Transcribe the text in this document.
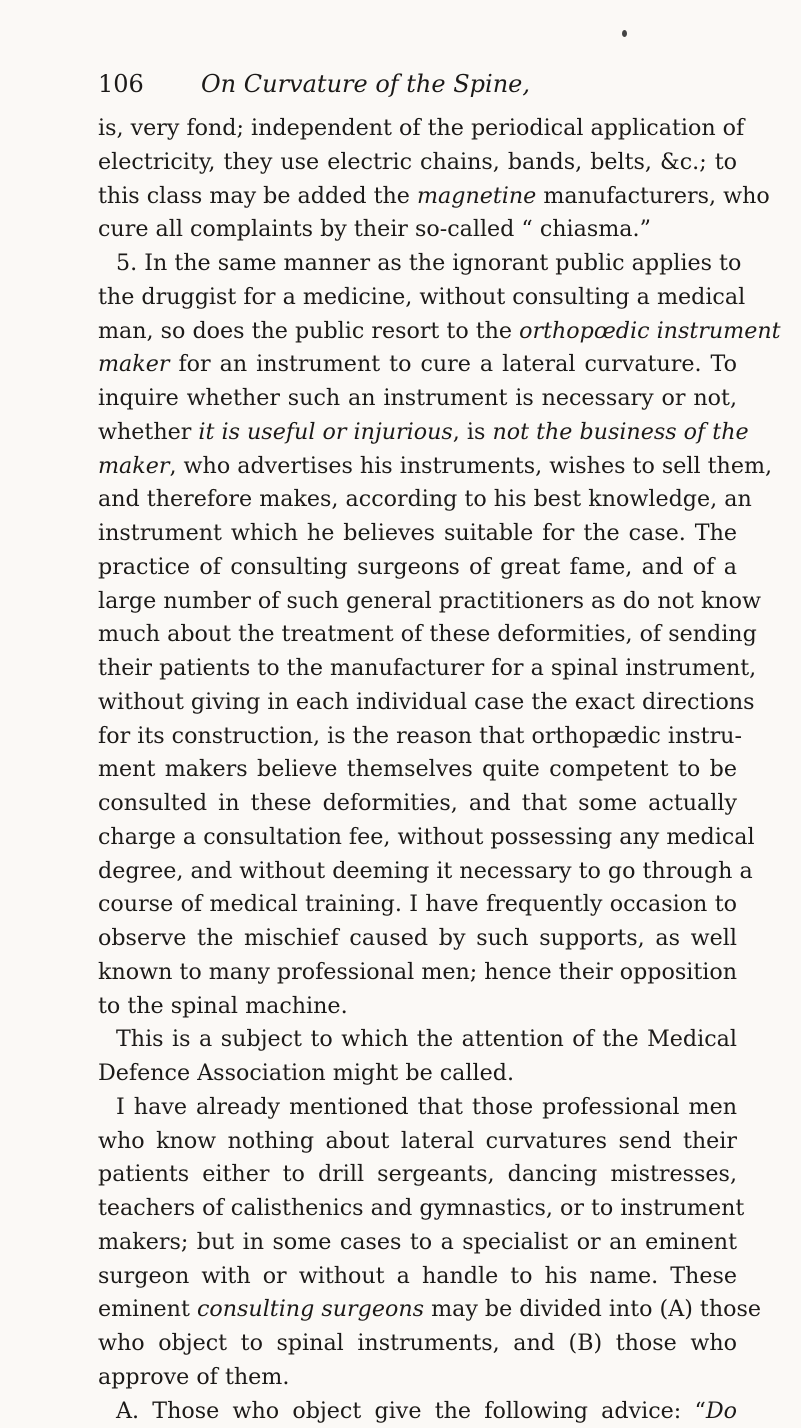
106 On Curvature of the Spine,
is, very fond; independent of the periodical application of
electricity, they use electric chains, bands, belts, &c.; to
this class may be added the magnetine manufacturers, who
cure all complaints by their so-called “ chiasma.”
5. In the same manner as the ignorant public applies to
the druggist for a medicine, without consulting a medical
man, so does the public resort to the orthopœdic instrument
maker for an instrument to cure a lateral curvature. To
inquire whether such an instrument is necessary or not,
whether it is useful or injurious, is not the business of the
maker, who advertises his instruments, wishes to sell them,
and therefore makes, according to his best knowledge, an
instrument which he believes suitable for the case. The
practice of consulting surgeons of great fame, and of a
large number of such general practitioners as do not know
much about the treatment of these deformities, of sending
their patients to the manufacturer for a spinal instrument,
without giving in each individual case the exact directions
for its construction, is the reason that orthopædic instru-
ment makers believe themselves quite competent to be
consulted in these deformities, and that some actually
charge a consultation fee, without possessing any medical
degree, and without deeming it necessary to go through a
course of medical training. I have frequently occasion to
observe the mischief caused by such supports, as well
known to many professional men; hence their opposition
to the spinal machine.
This is a subject to which the attention of the Medical
Defence Association might be called.
I have already mentioned that those professional men
who know nothing about lateral curvatures send their
patients either to drill sergeants, dancing mistresses,
teachers of calisthenics and gymnastics, or to instrument
makers; but in some cases to a specialist or an eminent
surgeon with or without a handle to his name. These
eminent consulting surgeons may be divided into (A) those
who object to spinal instruments, and (B) those who
approve of them.
A. Those who object give the following advice: “Do
